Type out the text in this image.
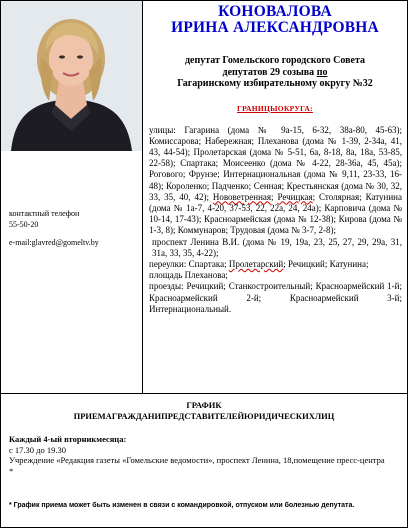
контактный телефон
55-50-20
e-mail:glavred@gomeltv.by
КОНОВАЛОВА
ИРИНА АЛЕКСАНДРОВНА
депутат Гомельского городского Совета
депутатов 29 созыва по
Гагаринскому избирательному округу №32
ГРАНИЦЫОКРУГА:

улицы: Гагарина (дома № 9а-15, 6-32, 38а-80, 45-63); Комиссарова; Набережная; Плеханова (дома № 1-39, 2-34а, 41, 43, 44-54); Пролетарская (дома № 5-51, 6а, 8-18, 8а, 18а, 53-85, 22-58); Спартака; Моисеенко (дома № 4-22, 28-36а, 45, 45а); Рогового; Фрунзе; Интернациональная (дома № 9,11, 23-33, 16-48); Короленко; Падченко; Сенная; Крестьянская (дома № 30, 32, 33, 35, 40, 42); Нововетренная; Речицкая; Столярная; Катунина (дома № 1а-7, 4-20, 37-53, 22, 22а, 24, 24а); Карповича (дома № 10-14, 17-43); Красноармейская (дома № 12-38); Кирова (дома № 1-3, 8); Коммунаров; Трудовая (дома № 3-7, 2-8);

проспект Ленина В.И. (дома № 19, 19а, 23, 25, 27, 29, 29а, 31, 31а, 33, 35, 4-22);

переулки: Спартака; Пролетарский; Речицкий; Катунина;

площадь Плеханова;

проезды: Речицкий; Станкостроительный; Красноармейский 1-й; Красноармейский 2-й; Красноармейский 3-й; Интернациональный.

ГРАФИК
ПРИЕМАГРАЖДАНИПРЕДСТАВИТЕЛЕЙЮРИДИЧЕСКИХЛИЦ
Каждый 4-ый вторникмесяца:
с 17.30 до 19.30
Учреждение «Редакция газеты «Гомельские ведомости», проспект Ленина, 18,помещение пресс-центра
*
* График приема может быть изменен в связи с командировкой, отпуском или болезнью депутата.
